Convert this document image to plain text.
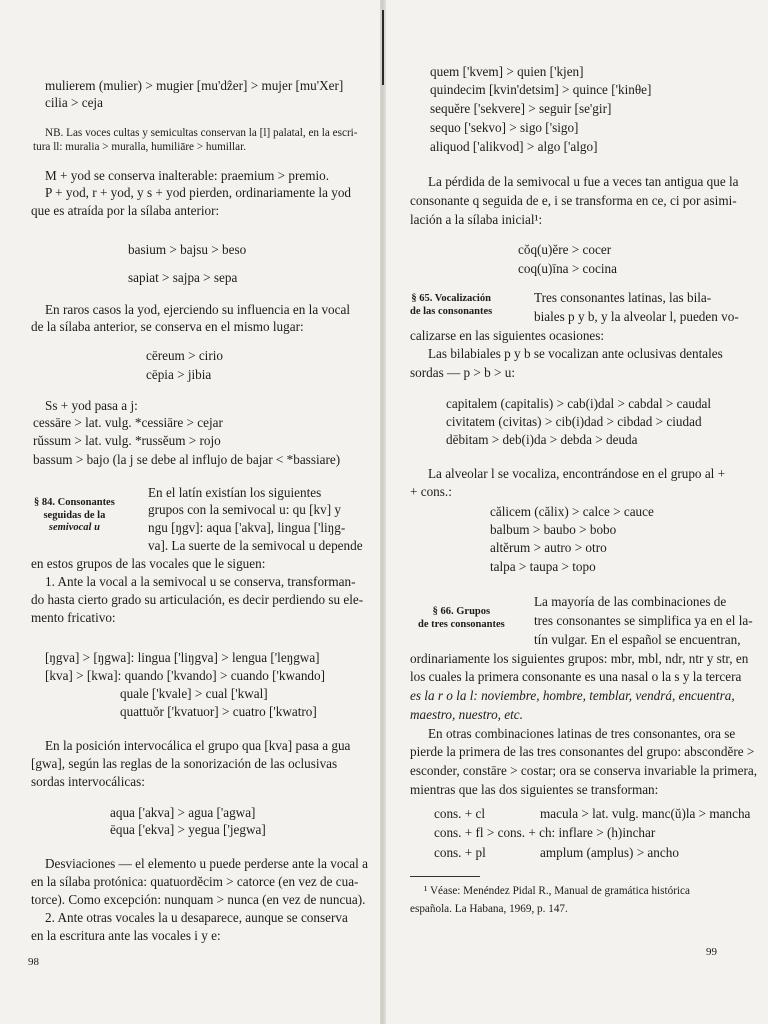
mulierem (mulier) > mugier [mu'dẑer] > mujer [mu'Xer]
cilia > ceja
NB. Las voces cultas y semicultas conservan la [l] palatal, en la escri-
tura ll: muralia > muralla, humiliāre > humillar.
M + yod se conserva inalterable: praemium > premio.
P + yod, r + yod, y s + yod pierden, ordinariamente la yod
que es atraída por la sílaba anterior:
basium > bajsu > beso
sapiat > sajpa > sepa
En raros casos la yod, ejerciendo su influencia en la vocal
de la sílaba anterior, se conserva en el mismo lugar:
cēreum > cirio
cēpia > jibia
Ss + yod pasa a j:
cessāre > lat. vulg. *cessiāre > cejar
rŭssum > lat. vulg. *russĕum > rojo
bassum > bajo (la j se debe al influjo de bajar < *bassiare)
§ 84. Consonantes
seguidas de la
semivocal u
En el latín existían los siguientes
grupos con la semivocal u: qu [kv] y
ngu [ŋgv]: aqua ['akva], lingua ['liŋg-
va]. La suerte de la semivocal u depende
en estos grupos de las vocales que le siguen:
1. Ante la vocal a la semivocal u se conserva, transforman-
do hasta cierto grado su articulación, es decir perdiendo su ele-
mento fricativo:
[ŋgva] > [ŋgwa]: lingua ['liŋgva] > lengua ['leŋgwa]
[kva] > [kwa]: quando ['kvando] > cuando ['kwando]
quale ['kvale] > cual ['kwal]
quattuŏr ['kvatuor] > cuatro ['kwatro]
En la posición intervocálica el grupo qua [kva] pasa a gua
[gwa], según las reglas de la sonorización de las oclusivas
sordas intervocálicas:
aqua ['akva] > agua ['agwa]
ēqua ['ekva] > yegua ['jegwa]
Desviaciones — el elemento u puede perderse ante la vocal a
en la sílaba protónica: quatuordĕcim > catorce (en vez de cua-
torce). Como excepción: nunquam > nunca (en vez de nuncua).
2. Ante otras vocales la u desaparece, aunque se conserva
en la escritura ante las vocales i y e:
98
quem ['kvem] > quien ['kjen]
quindecim [kvin'detsim] > quince ['kinθe]
sequĕre ['sekvere] > seguir [se'gir]
sequo ['sekvo] > sigo ['sigo]
aliquod ['alikvod] > algo ['algo]
La pérdida de la semivocal u fue a veces tan antigua que la
consonante q seguida de e, i se transforma en ce, ci por asimi-
lación a la sílaba inicial¹:
cŏq(u)ĕre > cocer
coq(u)īna > cocina
§ 65. Vocalización
de las consonantes
Tres consonantes latinas, las bila-
biales p y b, y la alveolar l, pueden vo-
calizarse en las siguientes ocasiones:
Las bilabiales p y b se vocalizan ante oclusivas dentales
sordas — p > b > u:
capitalem (capitalis) > cab(i)dal > cabdal > caudal
civitatem (civitas) > cib(i)dad > cibdad > ciudad
dēbitam > deb(i)da > debda > deuda
La alveolar l se vocaliza, encontrándose en el grupo al +
+ cons.:
călicem (călix) > calce > cauce
balbum > baubo > bobo
altĕrum > autro > otro
talpa > taupa > topo
§ 66. Grupos
de tres consonantes
La mayoría de las combinaciones de
tres consonantes se simplifica ya en el la-
tín vulgar. En el español se encuentran,
ordinariamente los siguientes grupos: mbr, mbl, ndr, ntr y str, en
los cuales la primera consonante es una nasal o la s y la tercera
es la r o la l: noviembre, hombre, temblar, vendrá, encuentra,
maestro, nuestro, etc.
En otras combinaciones latinas de tres consonantes, ora se
pierde la primera de las tres consonantes del grupo: abscondĕre >
esconder, constāre > costar; ora se conserva invariable la primera,
mientras que las dos siguientes se transforman:
cons. + cl	macula > lat. vulg. manc(ŭ)la > mancha
cons. + fl > cons. + ch: inflare > (h)inchar
cons. + pl	amplum (amplus) > ancho
¹ Véase: Menéndez Pidal R., Manual de gramática histórica
española. La Habana, 1969, p. 147.
99
